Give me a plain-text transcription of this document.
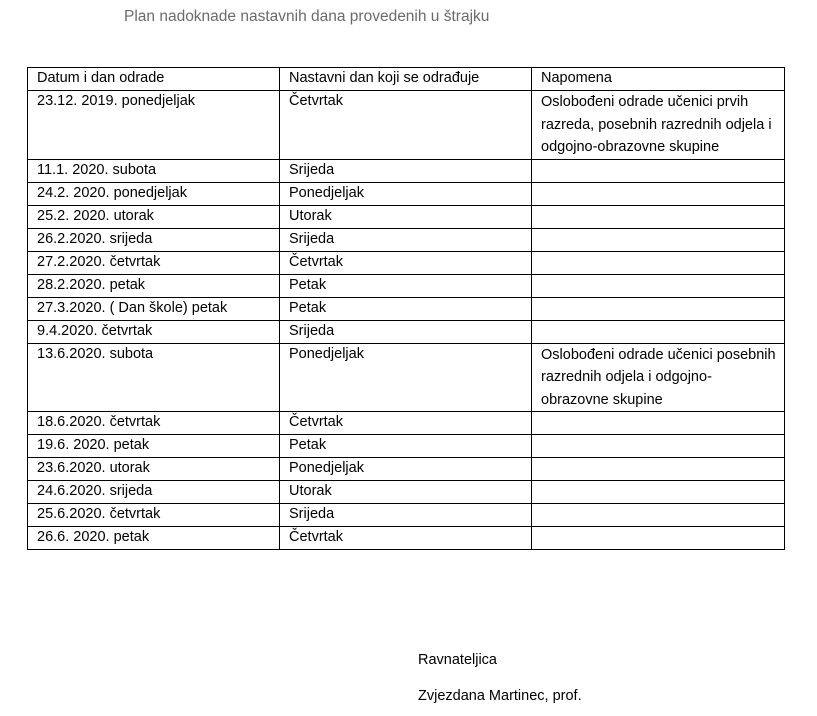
Plan nadoknade nastavnih dana provedenih u štrajku
Datum i dan odrade	Nastavni dan koji se odrađuje	Napomena
23.12. 2019. ponedjeljak	Četvrtak	Oslobođeni odrade učenici prvih razreda, posebnih razrednih odjela i odgojno-obrazovne skupine
11.1. 2020. subota	Srijeda	
24.2. 2020. ponedjeljak	Ponedjeljak	
25.2. 2020. utorak	Utorak	
26.2.2020. srijeda	Srijeda	
27.2.2020. četvrtak	Četvrtak	
28.2.2020. petak	Petak	
27.3.2020. ( Dan škole) petak	Petak	
9.4.2020. četvrtak	Srijeda	
13.6.2020. subota	Ponedjeljak	Oslobođeni odrade učenici posebnih razrednih odjela i odgojno-obrazovne skupine
18.6.2020. četvrtak	Četvrtak	
19.6. 2020. petak	Petak	
23.6.2020. utorak	Ponedjeljak	
24.6.2020. srijeda	Utorak	
25.6.2020. četvrtak	Srijeda	
26.6. 2020. petak	Četvrtak	
Ravnateljica
Zvjezdana Martinec, prof.
